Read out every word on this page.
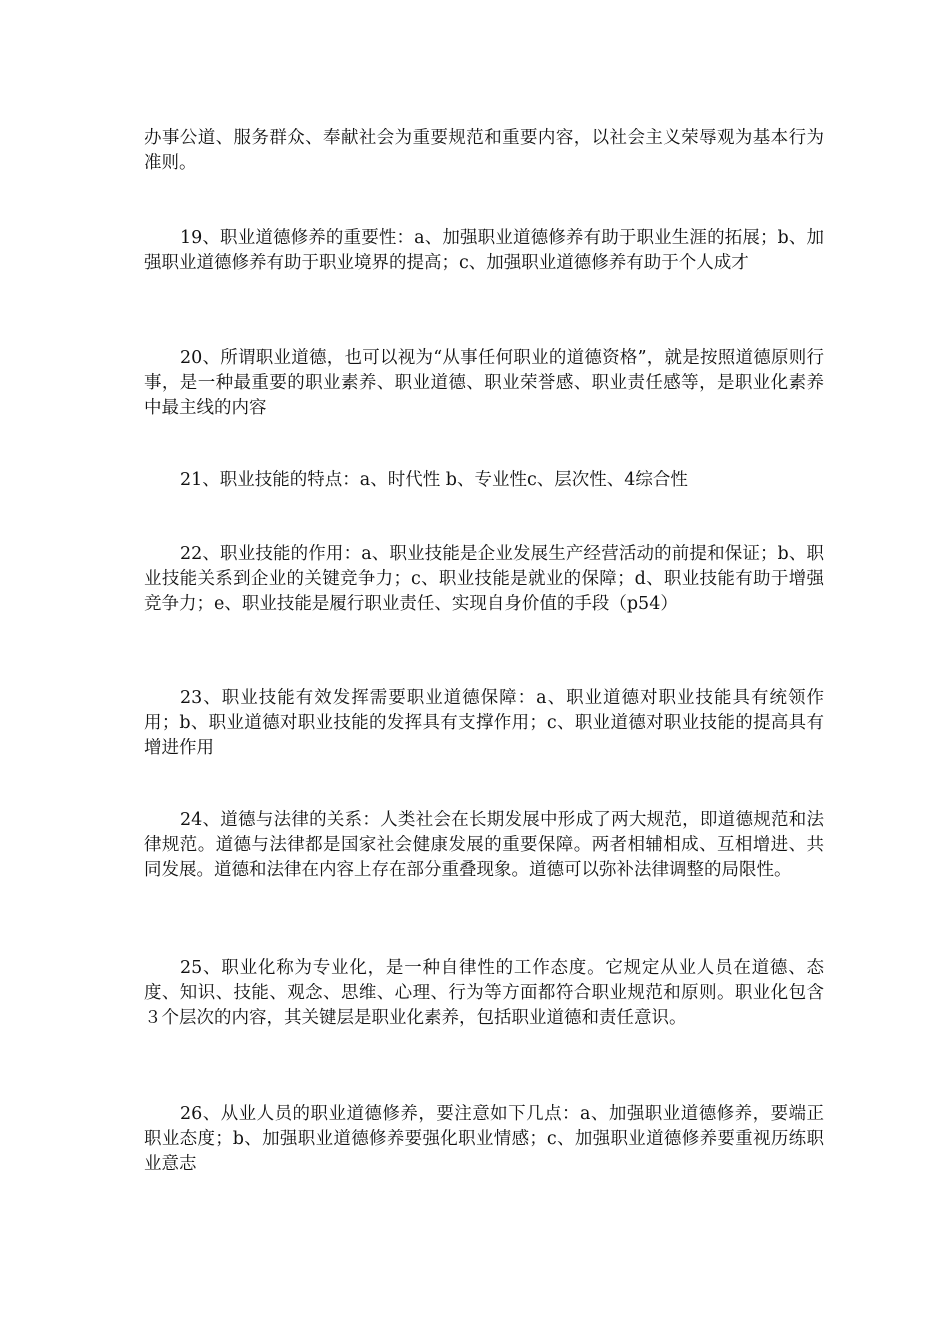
办事公道、服务群众、奉献社会为重要规范和重要内容，以社会主义荣辱观为基本行为准则。

19、职业道德修养的重要性：a、加强职业道德修养有助于职业生涯的拓展；b、加强职业道德修养有助于职业境界的提高；c、加强职业道德修养有助于个人成才

20、所谓职业道德，也可以视为“从事任何职业的道德资格”，就是按照道德原则行事，是一种最重要的职业素养、职业道德、职业荣誉感、职业责任感等，是职业化素养中最主线的内容

21、职业技能的特点：a、时代性 b、专业性c、层次性、4综合性

22、职业技能的作用：a、职业技能是企业发展生产经营活动的前提和保证；b、职业技能关系到企业的关键竞争力；c、职业技能是就业的保障；d、职业技能有助于增强竞争力；e、职业技能是履行职业责任、实现自身价值的手段（p54）

23、职业技能有效发挥需要职业道德保障：a、职业道德对职业技能具有统领作用；b、职业道德对职业技能的发挥具有支撑作用；c、职业道德对职业技能的提高具有增进作用

24、道德与法律的关系：人类社会在长期发展中形成了两大规范，即道德规范和法律规范。道德与法律都是国家社会健康发展的重要保障。两者相辅相成、互相增进、共同发展。道德和法律在内容上存在部分重叠现象。道德可以弥补法律调整的局限性。

25、职业化称为专业化，是一种自律性的工作态度。它规定从业人员在道德、态度、知识、技能、观念、思维、心理、行为等方面都符合职业规范和原则。职业化包含３个层次的内容，其关键层是职业化素养，包括职业道德和责任意识。

26、从业人员的职业道德修养，要注意如下几点：a、加强职业道德修养，要端正职业态度；b、加强职业道德修养要强化职业情感；c、加强职业道德修养要重视历练职业意志
